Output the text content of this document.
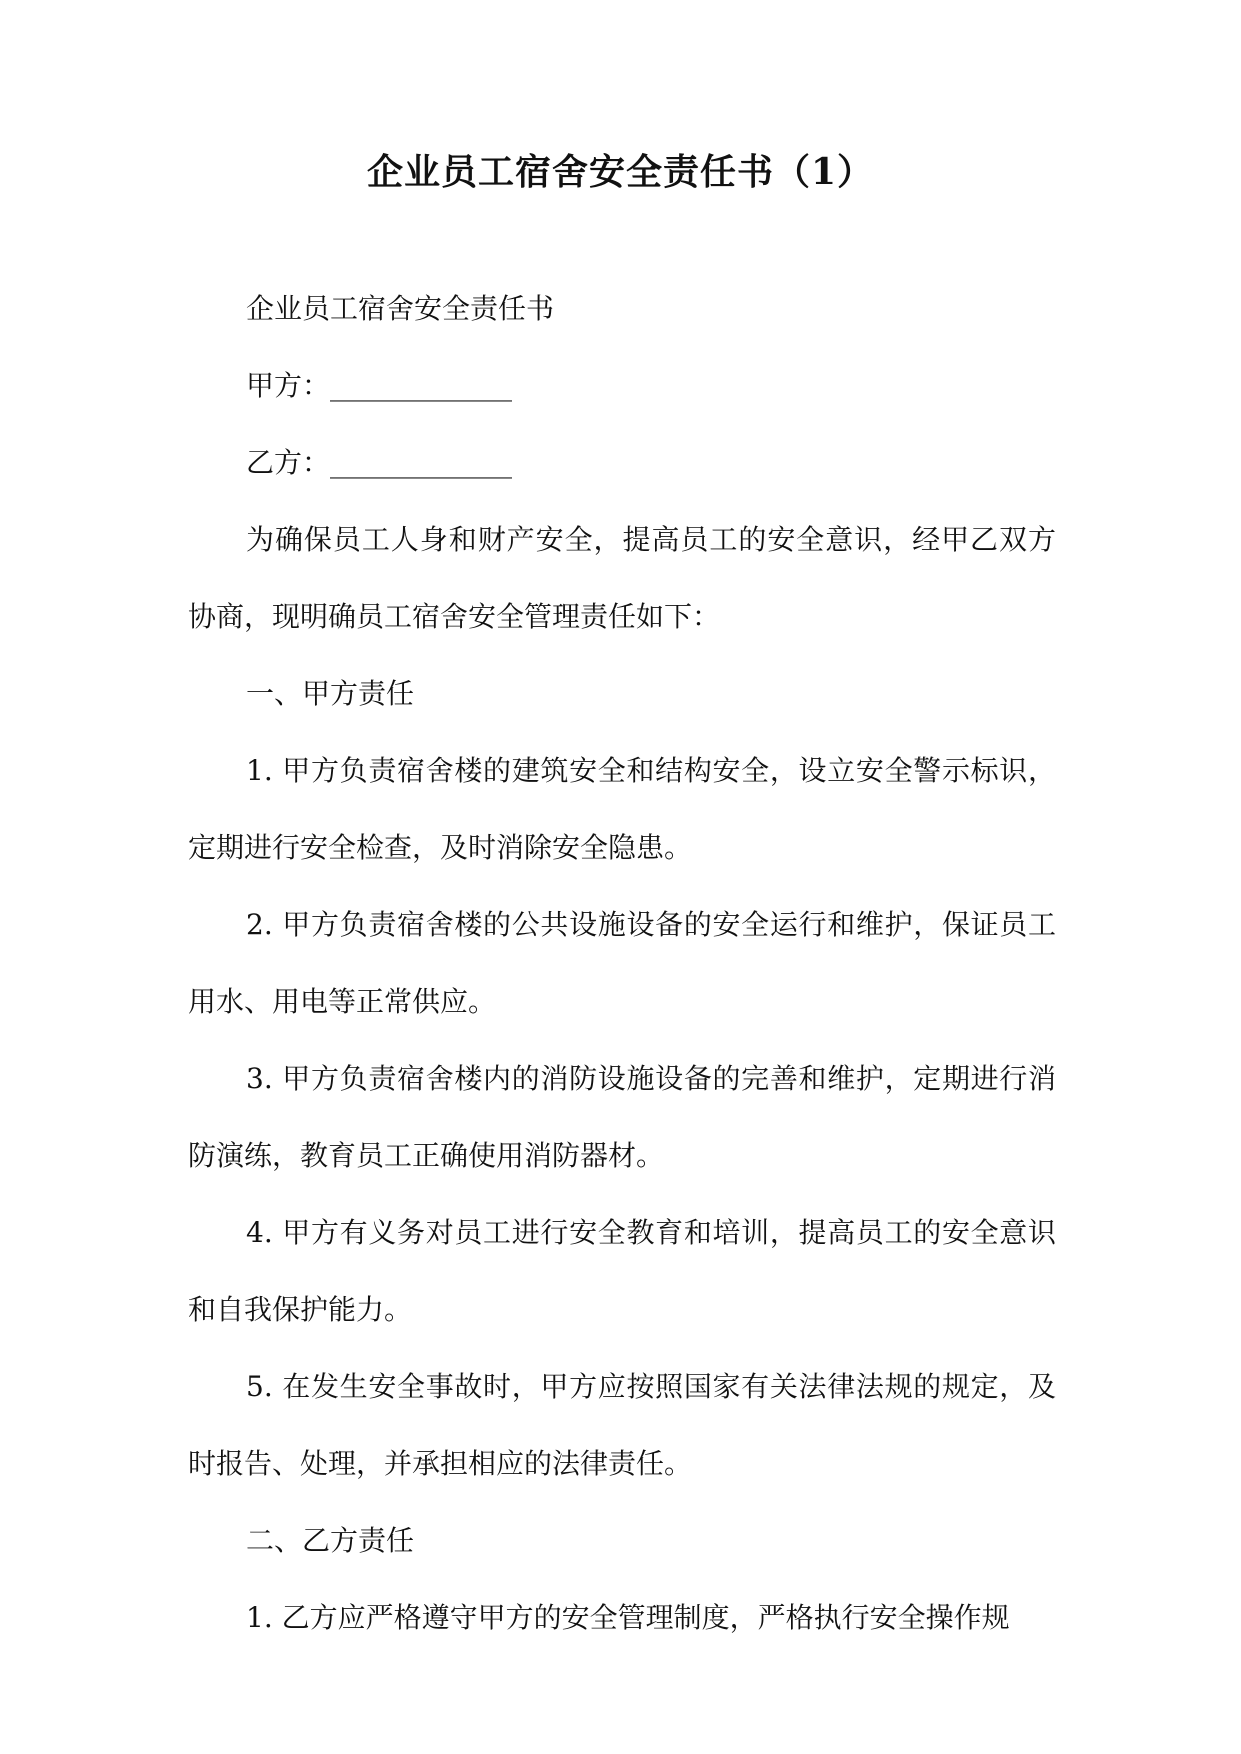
企业员工宿舍安全责任书（1）

企业员工宿舍安全责任书

甲方：_____________

乙方：_____________

为确保员工人身和财产安全，提高员工的安全意识，经甲乙双方协商，现明确员工宿舍安全管理责任如下：

一、甲方责任

1. 甲方负责宿舍楼的建筑安全和结构安全，设立安全警示标识，定期进行安全检查，及时消除安全隐患。

2. 甲方负责宿舍楼的公共设施设备的安全运行和维护，保证员工用水、用电等正常供应。

3. 甲方负责宿舍楼内的消防设施设备的完善和维护，定期进行消防演练，教育员工正确使用消防器材。

4. 甲方有义务对员工进行安全教育和培训，提高员工的安全意识和自我保护能力。

5. 在发生安全事故时，甲方应按照国家有关法律法规的规定，及时报告、处理，并承担相应的法律责任。

二、乙方责任

1. 乙方应严格遵守甲方的安全管理制度，严格执行安全操作规
